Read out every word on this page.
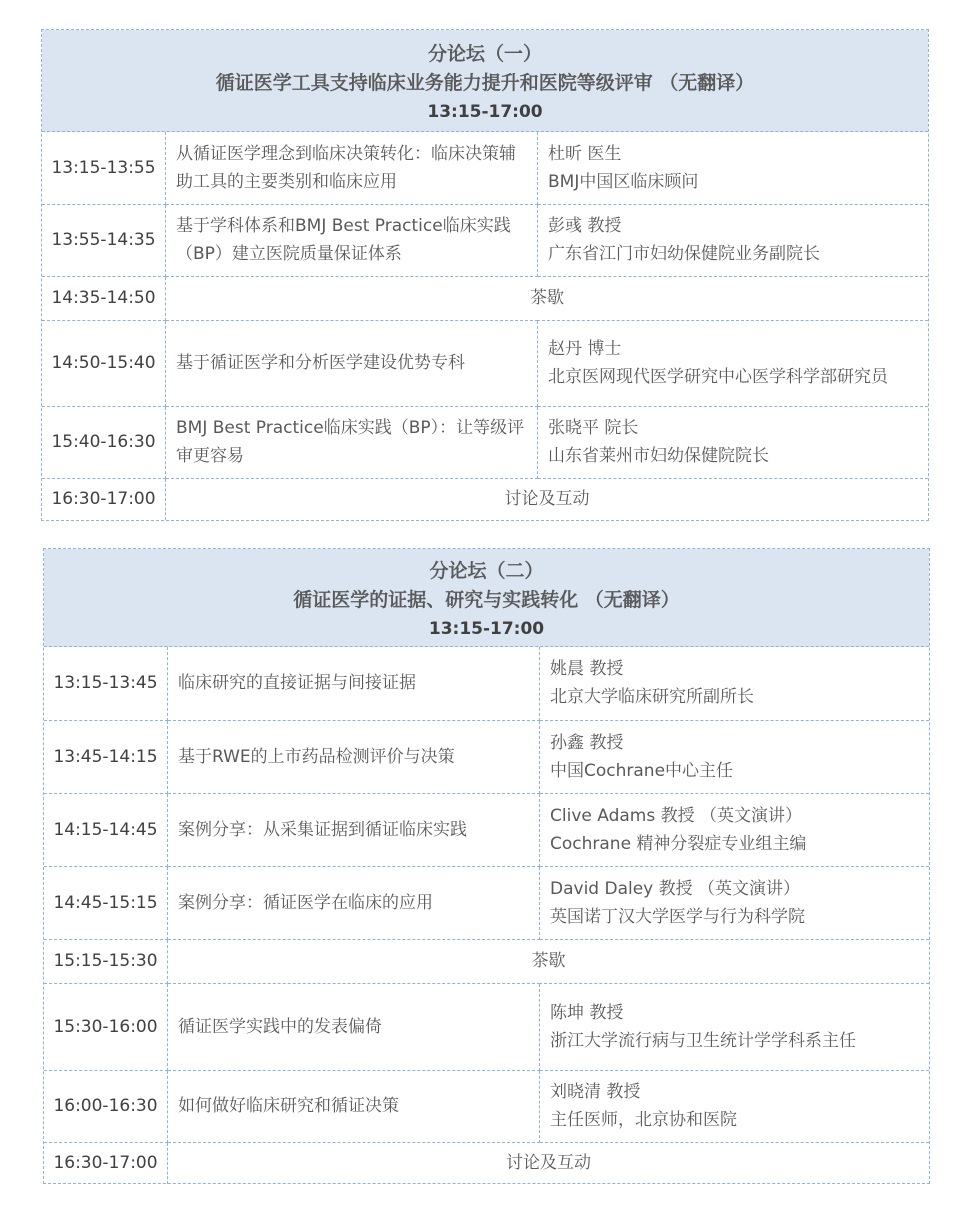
分论坛（一）
循证医学工具支持临床业务能力提升和医院等级评审 （无翻译）
13:15-17:00
13:15-13:55	从循证医学理念到临床决策转化：临床决策辅助工具的主要类别和临床应用	杜昕 医生
BMJ中国区临床顾问

13:55-14:35	基于学科体系和BMJ Best Practice临床实践（BP）建立医院质量保证体系	彭彧 教授
广东省江门市妇幼保健院业务副院长

14:35-14:50	茶歇	
14:50-15:40	基于循证医学和分析医学建设优势专科	赵丹 博士
北京医网现代医学研究中心医学科学部研究员

15:40-16:30	BMJ Best Practice临床实践（BP）：让等级评审更容易	张晓平 院长
山东省莱州市妇幼保健院院长

16:30-17:00	讨论及互动	
分论坛（二）
循证医学的证据、研究与实践转化 （无翻译）
13:15-17:00
13:15-13:45	临床研究的直接证据与间接证据	姚晨 教授
北京大学临床研究所副所长

13:45-14:15	基于RWE的上市药品检测评价与决策	孙鑫 教授
中国Cochrane中心主任

14:15-14:45	案例分享：从采集证据到循证临床实践	Clive Adams 教授 （英文演讲）
Cochrane 精神分裂症专业组主编

14:45-15:15	案例分享：循证医学在临床的应用	David Daley 教授 （英文演讲）
英国诺丁汉大学医学与行为科学院

15:15-15:30	茶歇	
15:30-16:00	循证医学实践中的发表偏倚	陈坤 教授
浙江大学流行病与卫生统计学学科系主任

16:00-16:30	如何做好临床研究和循证决策	刘晓清 教授
主任医师，北京协和医院

16:30-17:00	讨论及互动	
